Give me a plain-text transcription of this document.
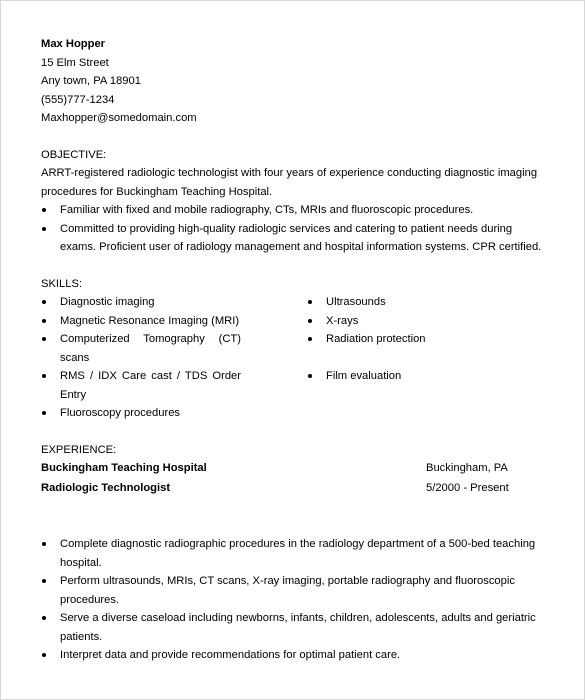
Max Hopper
15 Elm Street
Any town, PA 18901
(555)777-1234
Maxhopper@somedomain.com
OBJECTIVE:
ARRT-registered radiologic technologist with four years of experience conducting diagnostic imaging procedures for Buckingham Teaching Hospital.
Familiar with fixed and mobile radiography, CTs, MRIs and fluoroscopic procedures.
Committed to providing high-quality radiologic services and catering to patient needs during exams. Proficient user of radiology management and hospital information systems. CPR certified.
SKILLS:
Diagnostic imaging
Magnetic Resonance Imaging (MRI)
Computerized Tomography (CT) scans
RMS / IDX Care cast / TDS Order Entry
Fluoroscopy procedures
Ultrasounds
X-rays
Radiation protection
Film evaluation
EXPERIENCE:
Buckingham Teaching Hospital	Buckingham, PA
Radiologic Technologist	5/2000 - Present
Complete diagnostic radiographic procedures in the radiology department of a 500-bed teaching hospital.
Perform ultrasounds, MRIs, CT scans, X-ray imaging, portable radiography and fluoroscopic procedures.
Serve a diverse caseload including newborns, infants, children, adolescents, adults and geriatric patients.
Interpret data and provide recommendations for optimal patient care.
